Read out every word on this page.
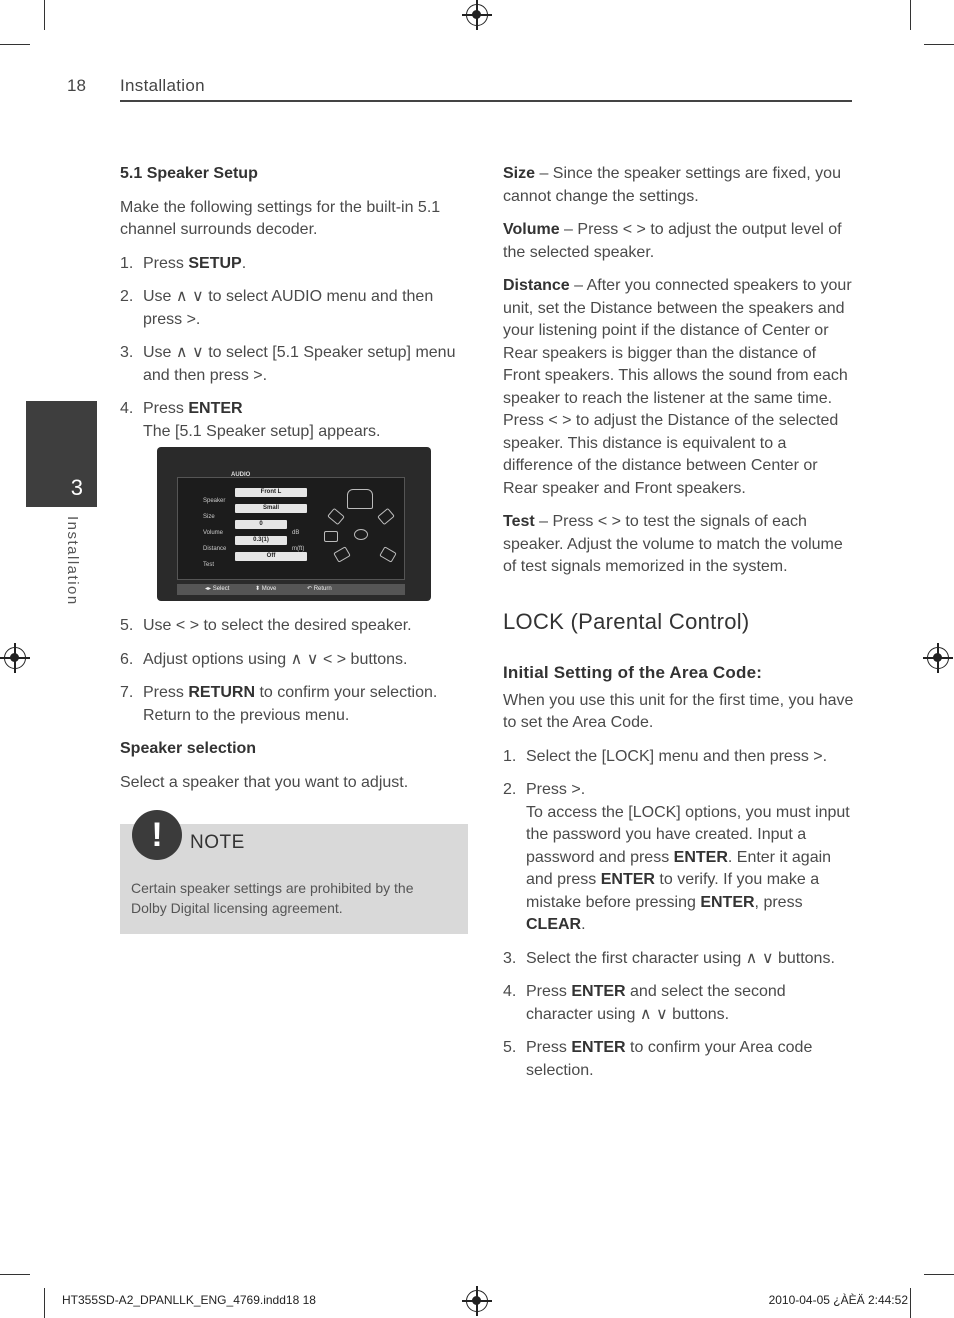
18 Installation
3
Installation
5.1 Speaker Setup

Make the following settings for the built-in 5.1 channel surrounds decoder.

1. Press SETUP.
2. Use ∧ ∨ to select AUDIO menu and then press >.
3. Use ∧ ∨ to select [5.1 Speaker setup] menu and then press >.
4. Press ENTER
The [5.1 Speaker setup] appears.
AUDIO
Speaker
Front L
Size
Small
Volume
0
dB
Distance
0.3(1)
m(ft)
Test
Off
◂▸ Select	⬍ Move	↶ Return
5. Use < > to select the desired speaker.
6. Adjust options using ∧ ∨ < > buttons.
7. Press RETURN to confirm your selection. Return to the previous menu.
Speaker selection

Select a speaker that you want to adjust.

!	NOTE
Certain speaker settings are prohibited by the Dolby Digital licensing agreement.

Size – Since the speaker settings are fixed, you cannot change the settings.

Volume – Press < > to adjust the output level of the selected speaker.

Distance – After you connected speakers to your unit, set the Distance between the speakers and your listening point if the distance of Center or Rear speakers is bigger than the distance of Front speakers. This allows the sound from each speaker to reach the listener at the same time. Press < > to adjust the Distance of the selected speaker. This distance is equivalent to a difference of the distance between Center or Rear speaker and Front speakers.

Test – Press < > to test the signals of each speaker. Adjust the volume to match the volume of test signals memorized in the system.

LOCK (Parental Control)
Initial Setting of the Area Code:

When you use this unit for the first time, you have to set the Area Code.

1. Select the [LOCK] menu and then press >.
2. Press >.
To access the [LOCK] options, you must input the password you have created. Input a password and press ENTER. Enter it again and press ENTER to verify. If you make a mistake before pressing ENTER, press CLEAR.
3. Select the first character using ∧ ∨ buttons.
4. Press ENTER and select the second character using ∧ ∨ buttons.
5. Press ENTER to confirm your Area code selection.
HT355SD-A2_DPANLLK_ENG_4769.indd18 18	2010-04-05 ¿ÀÈÄ 2:44:52
